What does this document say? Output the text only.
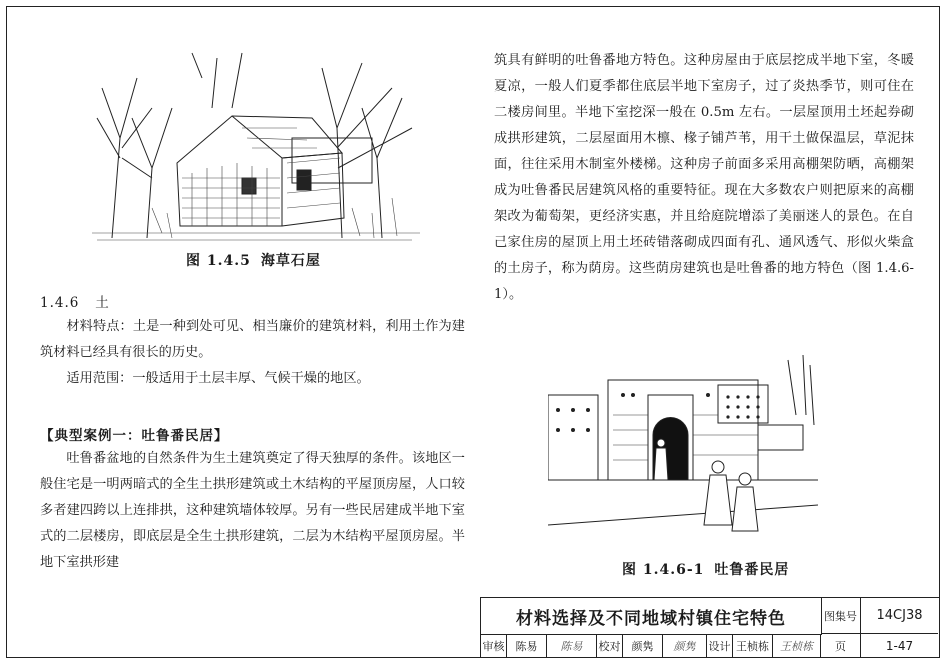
图 1.4.5 海草石屋
1.4.6 土

材料特点：土是一种到处可见、相当廉价的建筑材料，利用土作为建筑材料已经具有很长的历史。

适用范围：一般适用于土层丰厚、气候干燥的地区。

【典型案例一：吐鲁番民居】

吐鲁番盆地的自然条件为生土建筑奠定了得天独厚的条件。该地区一般住宅是一明两暗式的全生土拱形建筑或土木结构的平屋顶房屋，人口较多者建四跨以上连排拱，这种建筑墙体较厚。另有一些民居建成半地下室式的二层楼房，即底层是全生土拱形建筑，二层为木结构平屋顶房屋。半地下室拱形建

筑具有鲜明的吐鲁番地方特色。这种房屋由于底层挖成半地下室，冬暖夏凉，一般人们夏季都住底层半地下室房子，过了炎热季节，则可住在二楼房间里。半地下室挖深一般在 0.5m 左右。一层屋顶用土坯起券砌成拱形建筑，二层屋面用木檩、椽子铺芦苇，用干土做保温层，草泥抹面，往往采用木制室外楼梯。这种房子前面多采用高棚架防晒，高棚架成为吐鲁番民居建筑风格的重要特征。现在大多数农户则把原来的高棚架改为葡萄架，更经济实惠，并且给庭院增添了美丽迷人的景色。在自己家住房的屋顶上用土坯砖错落砌成四面有孔、通风透气、形似火柴盒的土房子，称为荫房。这些荫房建筑也是吐鲁番的地方特色（图 1.4.6-1）。

图 1.4.6-1 吐鲁番民居
材料选择及不同地域村镇住宅特色	图集号	14CJ38
审核	陈易	陈易	校对	颜隽	颜隽	设计 王桢栋	王桢栋	页	1-47
